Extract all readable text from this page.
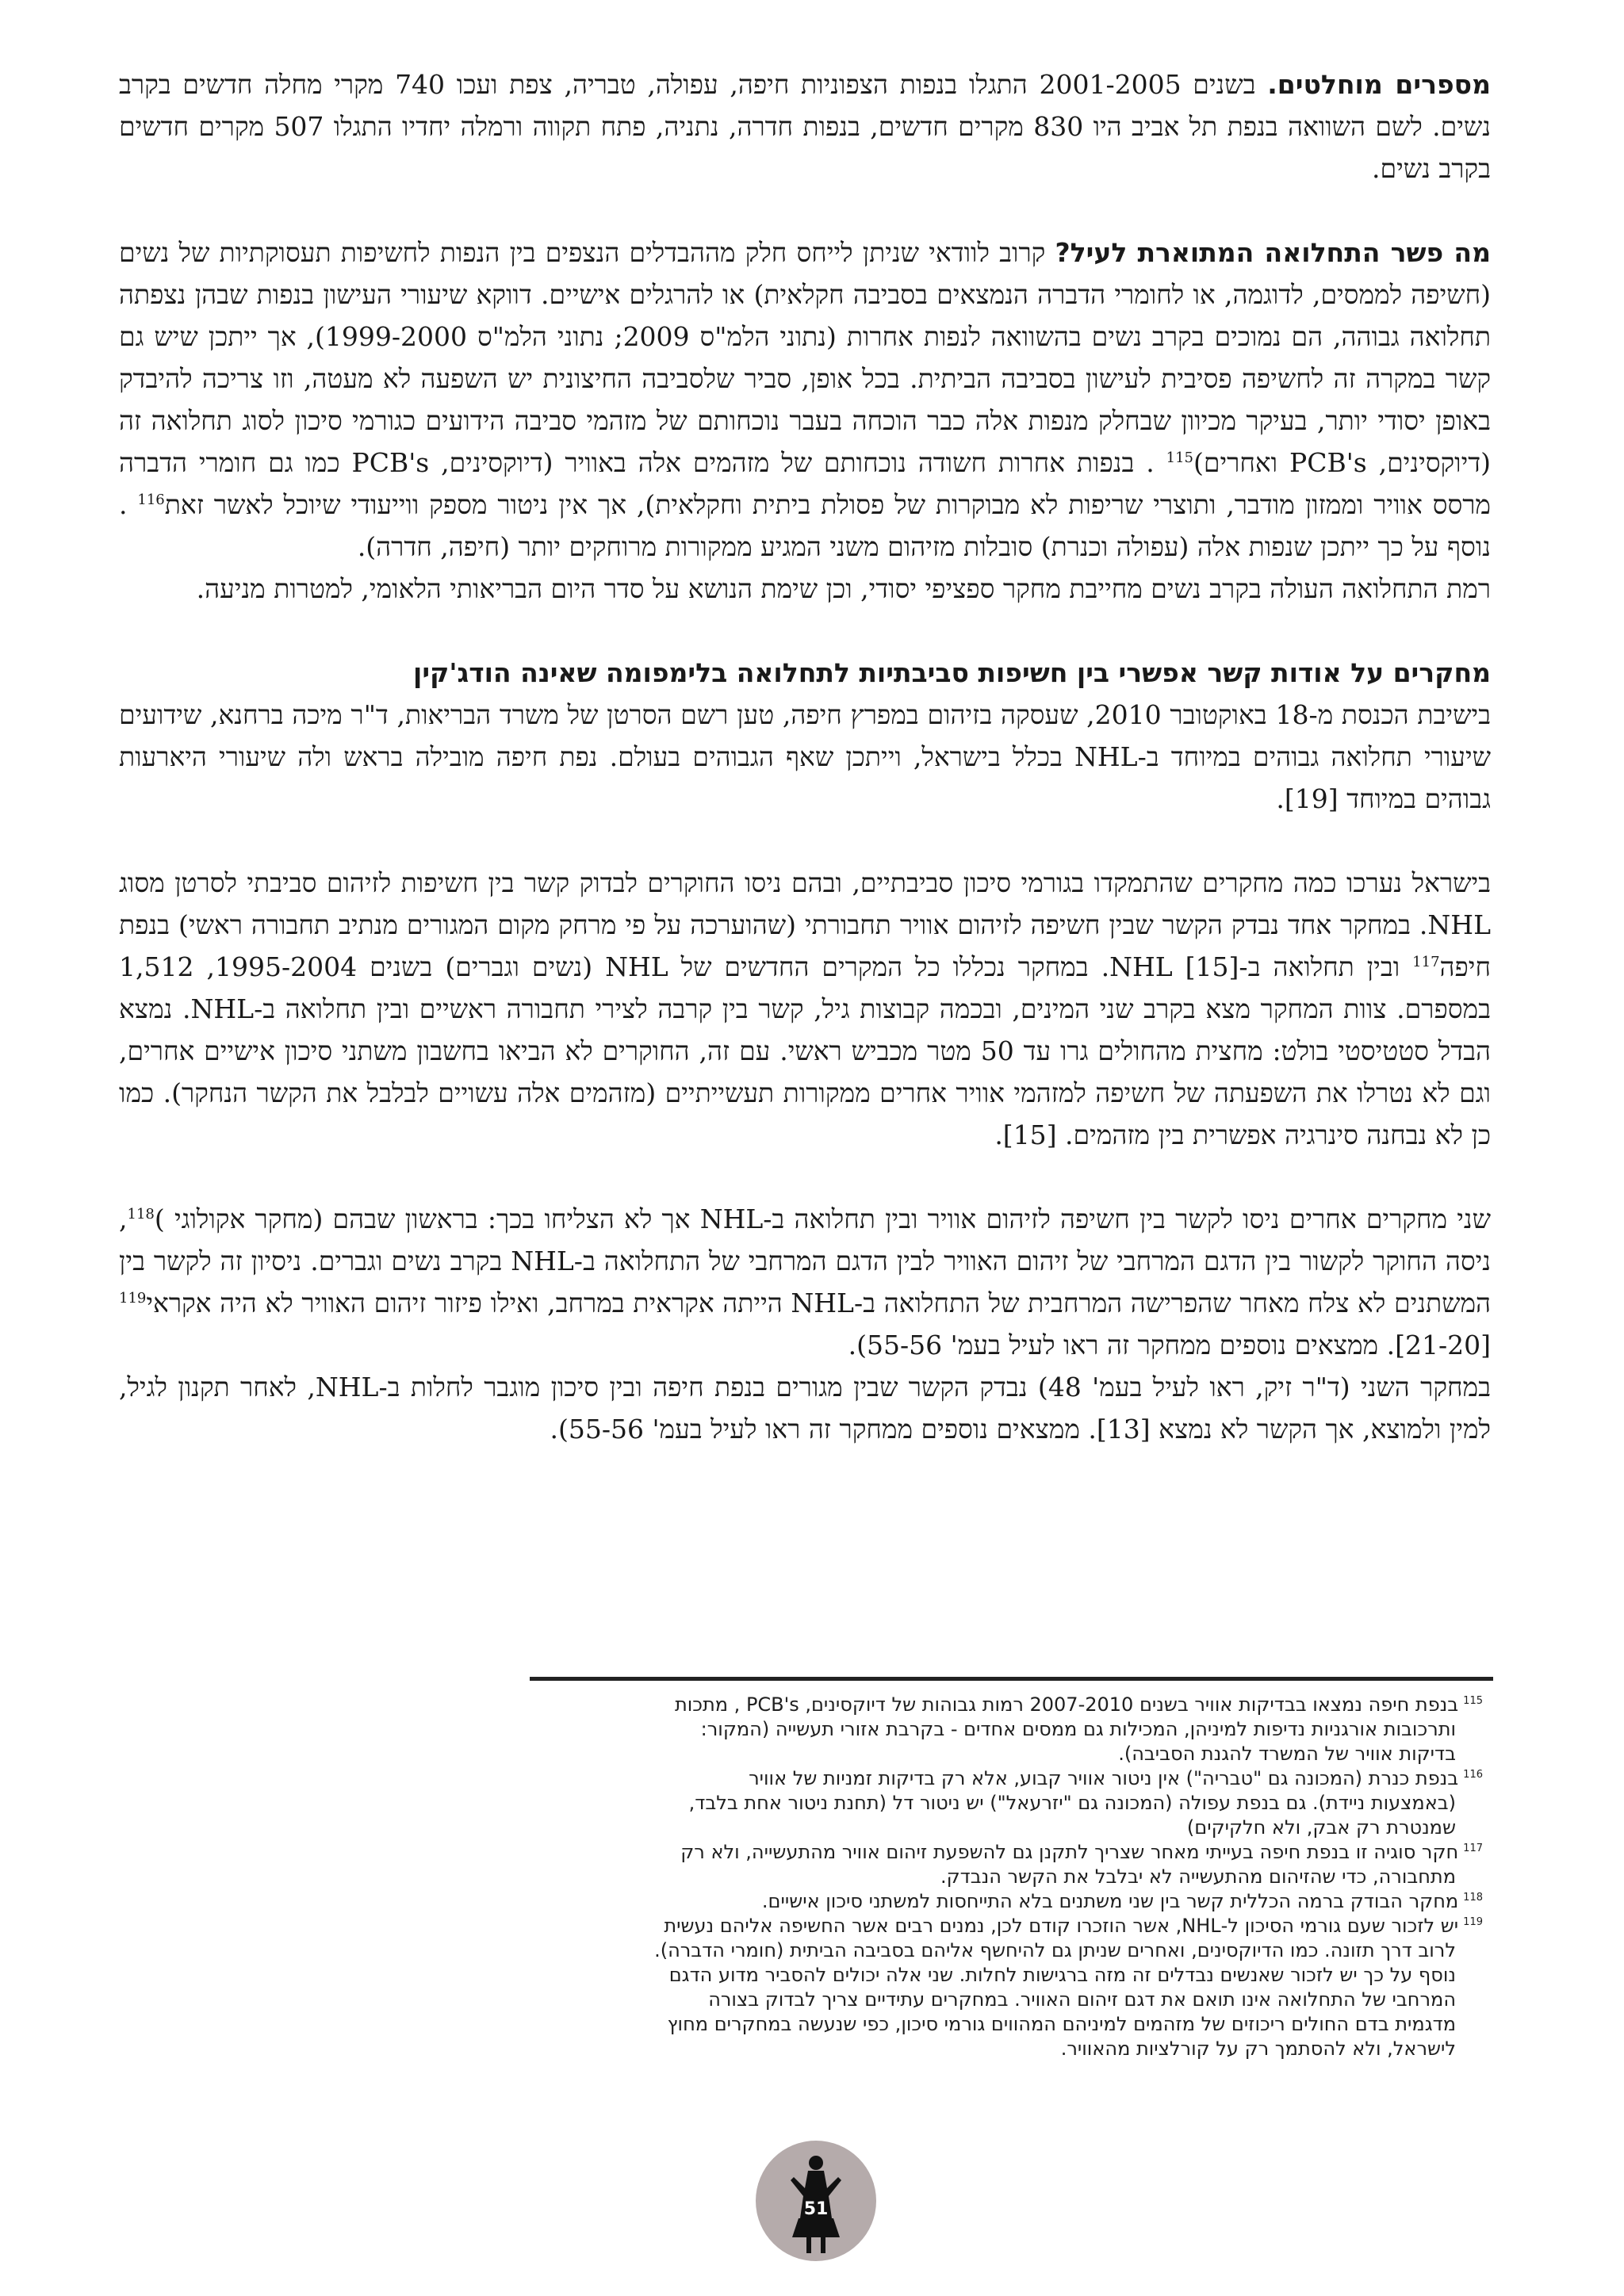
מספרים מוחלטים. בשנים 2001-2005 התגלו בנפות הצפוניות חיפה, עפולה, טבריה, צפת ועכו 740 מקרי מחלה חדשים בקרב נשים. לשם השוואה בנפת תל אביב היו 830 מקרים חדשים, בנפות חדרה, נתניה, פתח תקווה ורמלה יחדיו התגלו 507 מקרים חדשים בקרב נשים.

מה פשר התחלואה המתוארת לעיל? קרוב לוודאי שניתן לייחס חלק מההבדלים הנצפים בין הנפות לחשיפות תעסוקתיות של נשים (חשיפה לממסים, לדוגמה, או לחומרי הדברה הנמצאים בסביבה חקלאית) או להרגלים אישיים. דווקא שיעורי העישון בנפות שבהן נצפתה תחלואה גבוהה, הם נמוכים בקרב נשים בהשוואה לנפות אחרות (נתוני הלמ"ס 2009; נתוני הלמ"ס 1999-2000), אך ייתכן שיש גם קשר במקרה זה לחשיפה פסיבית לעישון בסביבה הביתית. בכל אופן, סביר שלסביבה החיצונית יש השפעה לא מעטה, וזו צריכה להיבדק באופן יסודי יותר, בעיקר מכיוון שבחלק מנפות אלה כבר הוכחה בעבר נוכחותם של מזהמי סביבה הידועים כגורמי סיכון לסוג תחלואה זה (דיוקסינים, PCB's ואחרים)$^{115}$ . בנפות אחרות חשודה נוכחותם של מזהמים אלה באוויר (דיוקסינים, PCB's כמו גם חומרי הדברה מרסס אוויר וממזון מודבר, ותוצרי שריפות לא מבוקרות של פסולת ביתית וחקלאית), אך אין ניטור מספק ווייעודי שיוכל לאשר זאת$^{116}$ . נוסף על כך ייתכן שנפות אלה (עפולה וכנרת) סובלות מזיהום משני המגיע ממקורות מרוחקים יותר (חיפה, חדרה).

רמת התחלואה העולה בקרב נשים מחייבת מחקר ספציפי יסודי, וכן שימת הנושא על סדר היום הבריאותי הלאומי, למטרות מניעה.

מחקרים על אודות קשר אפשרי בין חשיפות סביבתיות לתחלואה בלימפומה שאינה הודג'קין

בישיבת הכנסת מ-18 באוקטובר 2010, שעסקה בזיהום במפרץ חיפה, טען רשם הסרטן של משרד הבריאות, ד"ר מיכה ברחנא, שידועים שיעורי תחלואה גבוהים במיוחד ב-NHL בכלל בישראל, וייתכן שאף הגבוהים בעולם. נפת חיפה מובילה בראש ולה שיעורי היארעות גבוהים במיוחד [19].

בישראל נערכו כמה מחקרים שהתמקדו בגורמי סיכון סביבתיים, ובהם ניסו החוקרים לבדוק קשר בין חשיפות לזיהום סביבתי לסרטן מסוג NHL. במחקר אחד נבדק הקשר שבין חשיפה לזיהום אוויר תחבורתי (שהוערכה על פי מרחק מקום המגורים מנתיב תחבורה ראשי) בנפת חיפה$^{117}$ ובין תחלואה ב-NHL [15]. במחקר נכללו כל המקרים החדשים של NHL (נשים וגברים) בשנים 1995-2004, 1,512 במספרם. צוות המחקר מצא בקרב שני המינים, ובכמה קבוצות גיל, קשר בין קרבה לצירי תחבורה ראשיים ובין תחלואה ב-NHL. נמצא הבדל סטטיסטי בולט: מחצית מהחולים גרו עד 50 מטר מכביש ראשי. עם זה, החוקרים לא הביאו בחשבון משתני סיכון אישיים אחרים, וגם לא נטרלו את השפעתה של חשיפה למזהמי אוויר אחרים ממקורות תעשייתיים (מזהמים אלה עשויים לבלבל את הקשר הנחקר). כמו כן לא נבחנה סינרגיה אפשרית בין מזהמים. [15].

שני מחקרים אחרים ניסו לקשר בין חשיפה לזיהום אוויר ובין תחלואה ב-NHL אך לא הצליחו בכך: בראשון שבהם (מחקר אקולוגי )$^{118}$, ניסה החוקר לקשור בין הדגם המרחבי של זיהום האוויר לבין הדגם המרחבי של התחלואה ב-NHL בקרב נשים וגברים. ניסיון זה לקשר בין המשתנים לא צלח מאחר שהפרישה המרחבית של התחלואה ב-NHL הייתה אקראית במרחב, ואילו פיזור זיהום האוויר לא היה אקראי$^{119}$ [21-20]. ממצאים נוספים ממחקר זה ראו לעיל בעמ' 55-56).

במחקר השני (ד"ר זיק, ראו לעיל בעמ' 48) נבדק הקשר שבין מגורים בנפת חיפה ובין סיכון מוגבר לחלות ב-NHL, לאחר תקנון לגיל, למין ולמוצא, אך הקשר לא נמצא [13]. ממצאים נוספים ממחקר זה ראו לעיל בעמ' 55-56).

115בנפת חיפה נמצאו בבדיקות אוויר בשנים 2007-2010 רמות גבוהות של דיוקסינים, PCB's , מתכות

ותרכובות אורגניות נדיפות למיניהן, המכילות גם ממסים אחדים - בקרבת אזורי תעשייה (המקור:

בדיקות אוויר של המשרד להגנת הסביבה).

116בנפת כנרת (המכונה גם "טבריה") אין ניטור אוויר קבוע, אלא רק בדיקות זמניות של אוויר

(באמצעות ניידת). גם בנפת עפולה (המכונה גם "יזרעאל") יש ניטור דל (תחנת ניטור אחת בלבד,

שמנטרת רק אבק, ולא חלקיקים)

117חקר סוגיה זו בנפת חיפה בעייתי מאחר שצריך לתקנן גם להשפעת זיהום אוויר מהתעשייה, ולא רק

מתחבורה, כדי שהזיהום מהתעשייה לא יבלבל את הקשר הנבדק.

118מחקר הבודק ברמה הכללית קשר בין שני משתנים בלא התייחסות למשתני סיכון אישיים.

119יש לזכור שעם גורמי הסיכון ל-NHL, אשר הוזכרו קודם לכן, נמנים רבים אשר החשיפה אליהם נעשית

לרוב דרך תזונה. כמו הדיוקסינים, ואחרים שניתן גם להיחשף אליהם בסביבה הביתית (חומרי הדברה).

נוסף על כך יש לזכור שאנשים נבדלים זה מזה ברגישות לחלות. שני אלה יכולים להסביר מדוע הדגם

המרחבי של התחלואה אינו תואם את דגם זיהום האוויר. במחקרים עתידיים צריך לבדוק בצורה

מדגמית בדם החולים ריכוזים של מזהמים למיניהם המהווים גורמי סיכון, כפי שנעשה במחקרים מחוץ

לישראל, ולא להסתמך רק על קורלציות מהאוויר.

51
